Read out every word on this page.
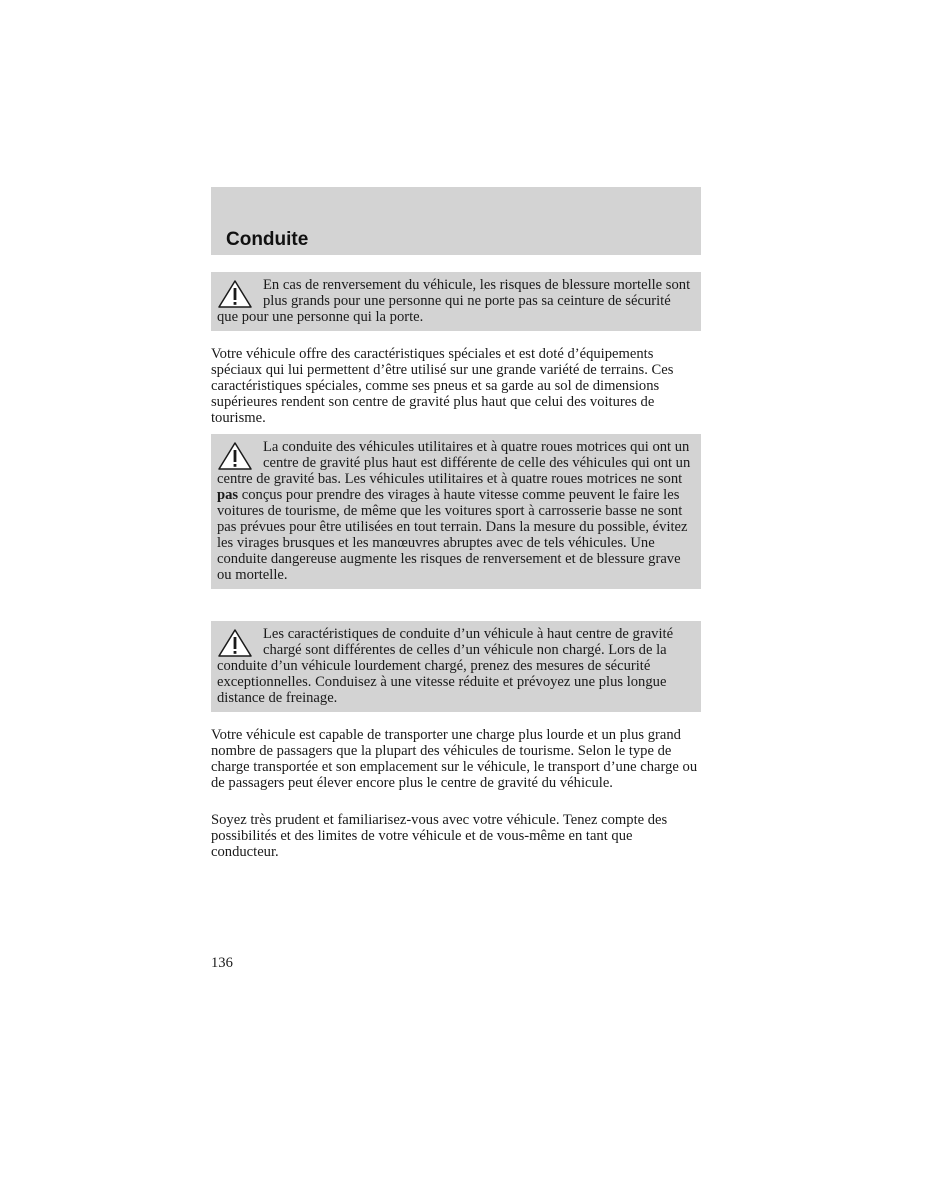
Conduite

En cas de renversement du véhicule, les risques de blessure mortelle sont plus grands pour une personne qui ne porte pas sa ceinture de sécurité que pour une personne qui la porte.

Votre véhicule offre des caractéristiques spéciales et est doté d’équipements spéciaux qui lui permettent d’être utilisé sur une grande variété de terrains. Ces caractéristiques spéciales, comme ses pneus et sa garde au sol de dimensions supérieures rendent son centre de gravité plus haut que celui des voitures de tourisme.

La conduite des véhicules utilitaires et à quatre roues motrices qui ont un centre de gravité plus haut est différente de celle des véhicules qui ont un centre de gravité bas. Les véhicules utilitaires et à quatre roues motrices ne sont pas conçus pour prendre des virages à haute vitesse comme peuvent le faire les voitures de tourisme, de même que les voitures sport à carrosserie basse ne sont pas prévues pour être utilisées en tout terrain. Dans la mesure du possible, évitez les virages brusques et les manœuvres abruptes avec de tels véhicules. Une conduite dangereuse augmente les risques de renversement et de blessure grave ou mortelle.

Les caractéristiques de conduite d’un véhicule à haut centre de gravité chargé sont différentes de celles d’un véhicule non chargé. Lors de la conduite d’un véhicule lourdement chargé, prenez des mesures de sécurité exceptionnelles. Conduisez à une vitesse réduite et prévoyez une plus longue distance de freinage.

Votre véhicule est capable de transporter une charge plus lourde et un plus grand nombre de passagers que la plupart des véhicules de tourisme. Selon le type de charge transportée et son emplacement sur le véhicule, le transport d’une charge ou de passagers peut élever encore plus le centre de gravité du véhicule.

Soyez très prudent et familiarisez-vous avec votre véhicule. Tenez compte des possibilités et des limites de votre véhicule et de vous-même en tant que conducteur.

136
